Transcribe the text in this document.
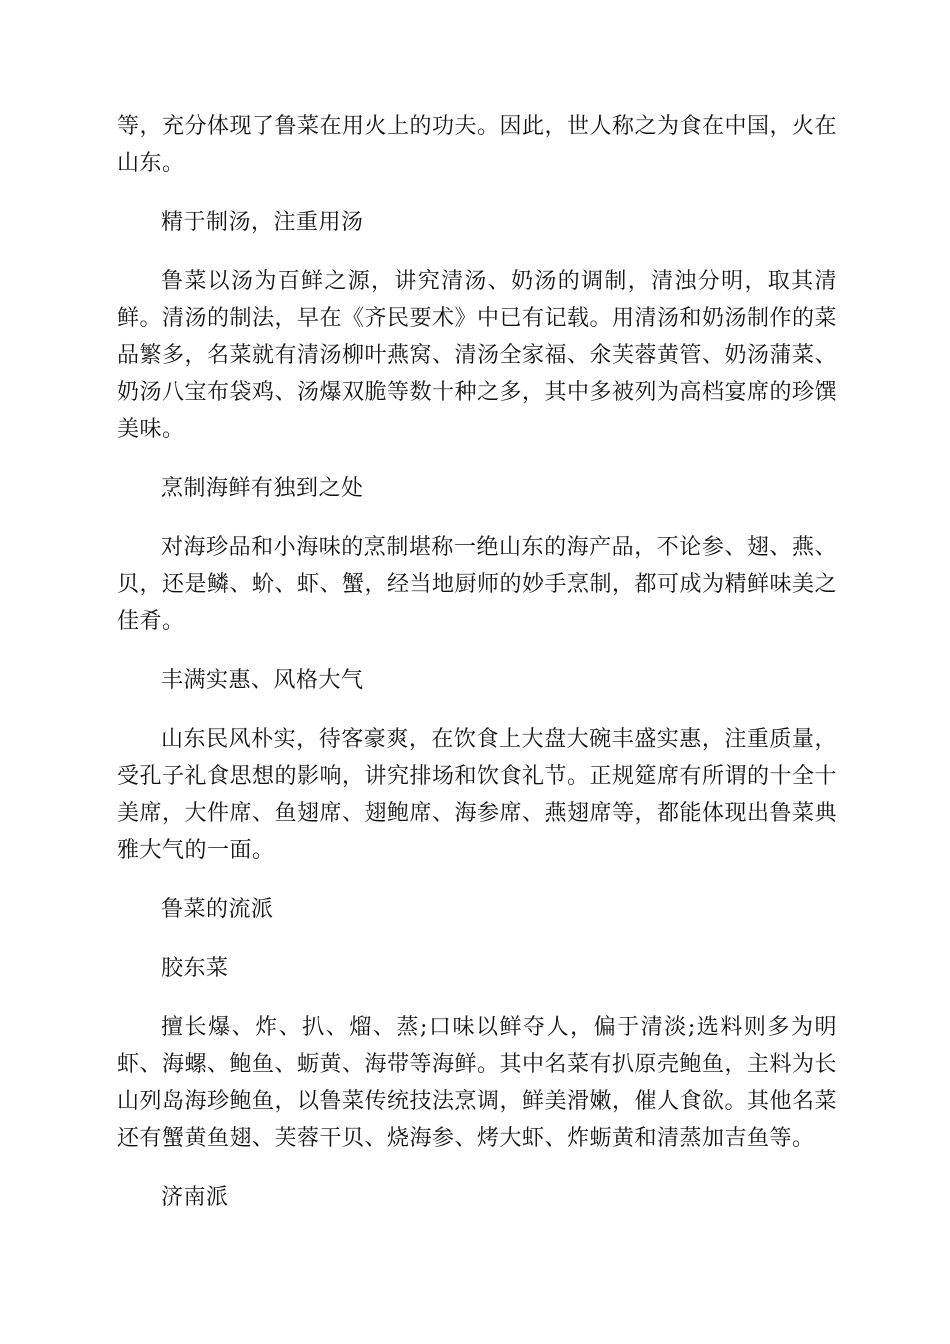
等，充分体现了鲁菜在用火上的功夫。因此，世人称之为食在中国，火在山东。

精于制汤，注重用汤

鲁菜以汤为百鲜之源，讲究清汤、奶汤的调制，清浊分明，取其清鲜。清汤的制法，早在《齐民要术》中已有记载。用清汤和奶汤制作的菜品繁多，名菜就有清汤柳叶燕窝、清汤全家福、氽芙蓉黄管、奶汤蒲菜、奶汤八宝布袋鸡、汤爆双脆等数十种之多，其中多被列为高档宴席的珍馔美味。

烹制海鲜有独到之处

对海珍品和小海味的烹制堪称一绝山东的海产品，不论参、翅、燕、贝，还是鳞、蚧、虾、蟹，经当地厨师的妙手烹制，都可成为精鲜味美之佳肴。

丰满实惠、风格大气

山东民风朴实，待客豪爽，在饮食上大盘大碗丰盛实惠，注重质量，受孔子礼食思想的影响，讲究排场和饮食礼节。正规筵席有所谓的十全十美席，大件席、鱼翅席、翅鲍席、海参席、燕翅席等，都能体现出鲁菜典雅大气的一面。

鲁菜的流派

胶东菜

擅长爆、炸、扒、熘、蒸;口味以鲜夺人，偏于清淡;选料则多为明虾、海螺、鲍鱼、蛎黄、海带等海鲜。其中名菜有扒原壳鲍鱼，主料为长山列岛海珍鲍鱼，以鲁菜传统技法烹调，鲜美滑嫩，催人食欲。其他名菜还有蟹黄鱼翅、芙蓉干贝、烧海参、烤大虾、炸蛎黄和清蒸加吉鱼等。

济南派
